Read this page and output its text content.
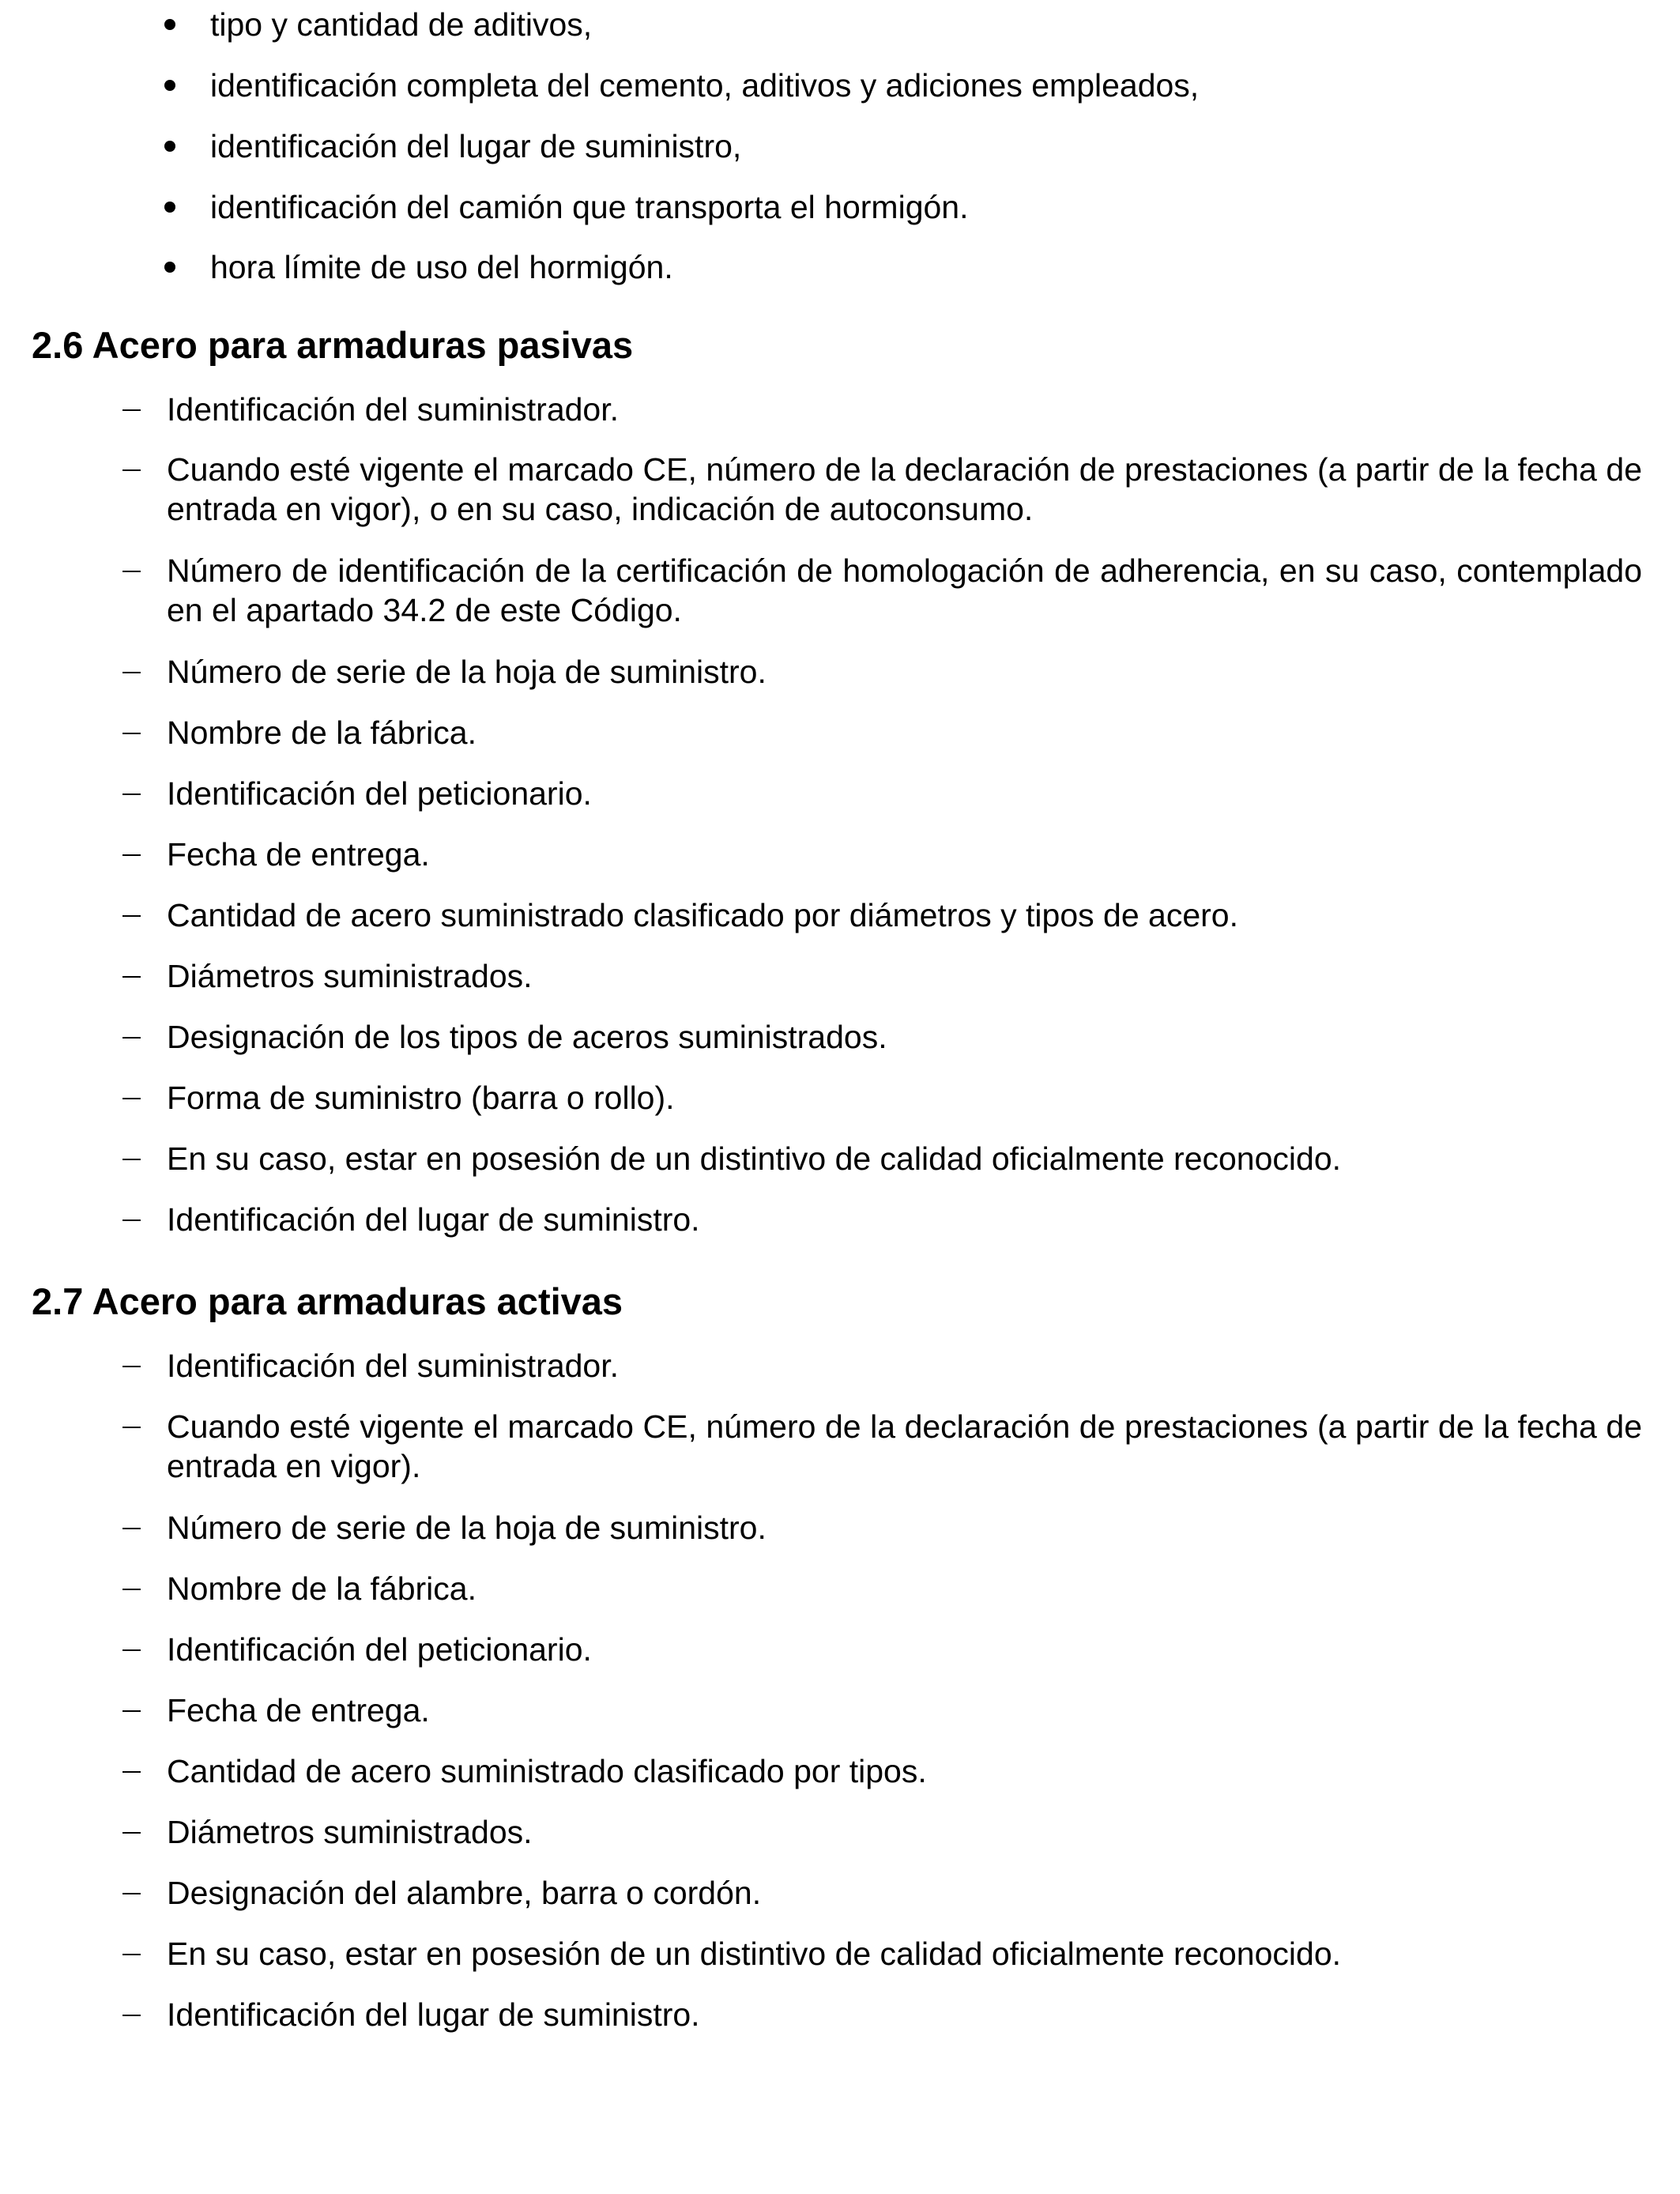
tipo y cantidad de aditivos,
identificación completa del cemento, aditivos y adiciones empleados,
identificación del lugar de suministro,
identificación del camión que transporta el hormigón.
hora límite de uso del hormigón.
2.6 Acero para armaduras pasivas
Identificación del suministrador.
Cuando esté vigente el marcado CE, número de la declaración de prestaciones (a partir de la fecha de entrada en vigor), o en su caso, indicación de autoconsumo.
Número de identificación de la certificación de homologación de adherencia, en su caso, contemplado en el apartado 34.2 de este Código.
Número de serie de la hoja de suministro.
Nombre de la fábrica.
Identificación del peticionario.
Fecha de entrega.
Cantidad de acero suministrado clasificado por diámetros y tipos de acero.
Diámetros suministrados.
Designación de los tipos de aceros suministrados.
Forma de suministro (barra o rollo).
En su caso, estar en posesión de un distintivo de calidad oficialmente reconocido.
Identificación del lugar de suministro.
2.7 Acero para armaduras activas
Identificación del suministrador.
Cuando esté vigente el marcado CE, número de la declaración de prestaciones (a partir de la fecha de entrada en vigor).
Número de serie de la hoja de suministro.
Nombre de la fábrica.
Identificación del peticionario.
Fecha de entrega.
Cantidad de acero suministrado clasificado por tipos.
Diámetros suministrados.
Designación del alambre, barra o cordón.
En su caso, estar en posesión de un distintivo de calidad oficialmente reconocido.
Identificación del lugar de suministro.
